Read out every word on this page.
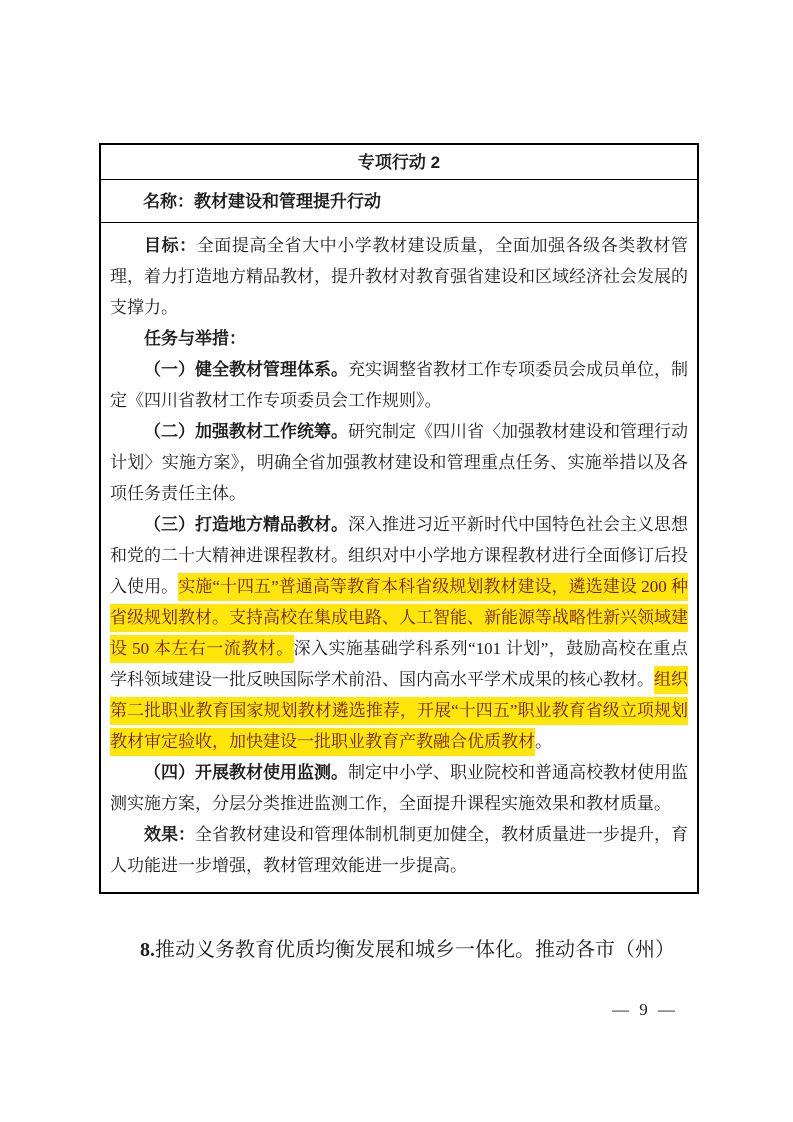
专项行动 2
名称：教材建设和管理提升行动

目标：全面提高全省大中小学教材建设质量，全面加强各级各类教材管理，着力打造地方精品教材，提升教材对教育强省建设和区域经济社会发展的支撑力。

任务与举措：

（一）健全教材管理体系。充实调整省教材工作专项委员会成员单位，制定《四川省教材工作专项委员会工作规则》。

（二）加强教材工作统筹。研究制定《四川省〈加强教材建设和管理行动计划〉实施方案》，明确全省加强教材建设和管理重点任务、实施举措以及各项任务责任主体。

（三）打造地方精品教材。深入推进习近平新时代中国特色社会主义思想和党的二十大精神进课程教材。组织对中小学地方课程教材进行全面修订后投入使用。实施“十四五”普通高等教育本科省级规划教材建设，遴选建设 200 种省级规划教材。支持高校在集成电路、人工智能、新能源等战略性新兴领域建设 50 本左右一流教材。深入实施基础学科系列“101 计划”，鼓励高校在重点学科领域建设一批反映国际学术前沿、国内高水平学术成果的核心教材。组织第二批职业教育国家规划教材遴选推荐，开展“十四五”职业教育省级立项规划教材审定验收，加快建设一批职业教育产教融合优质教材。

（四）开展教材使用监测。制定中小学、职业院校和普通高校教材使用监测实施方案，分层分类推进监测工作，全面提升课程实施效果和教材质量。

效果：全省教材建设和管理体制机制更加健全，教材质量进一步提升，育人功能进一步增强，教材管理效能进一步提高。

8.推动义务教育优质均衡发展和城乡一体化。推动各市（州）

— 9 —
